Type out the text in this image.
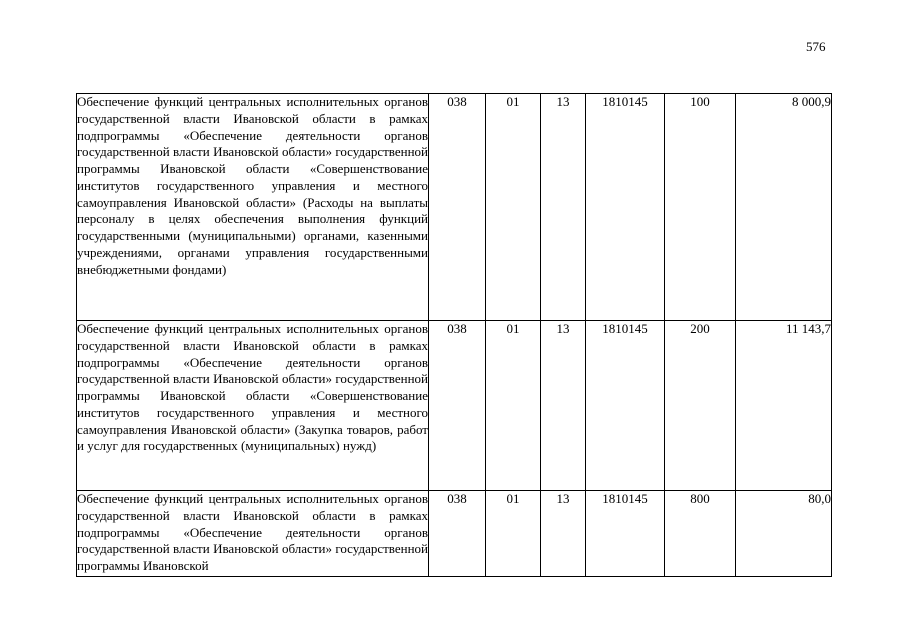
576
Обеспечение функций центральных исполнительных органов государственной власти Ивановской области в рамках подпрограммы «Обеспечение деятельности органов государственной власти Ивановской области» государственной программы Ивановской области «Совершенствование институтов государственного управления и местного самоуправления Ивановской области» (Расходы на выплаты персоналу в целях обеспечения выполнения функций государственными (муниципальными) органами, казенными учреждениями, органами управления государственными внебюджетными фондами)	038	01	13	1810145	100	8 000,9
Обеспечение функций центральных исполнительных органов государственной власти Ивановской области в рамках подпрограммы «Обеспечение деятельности органов государственной власти Ивановской области» государственной программы Ивановской области «Совершенствование институтов государственного управления и местного самоуправления Ивановской области» (Закупка товаров, работ и услуг для государственных (муниципальных) нужд)	038	01	13	1810145	200	11 143,7
Обеспечение функций центральных исполнительных органов государственной власти Ивановской области в рамках подпрограммы «Обеспечение деятельности органов государственной власти Ивановской области» государственной программы Ивановской	038	01	13	1810145	800	80,0
